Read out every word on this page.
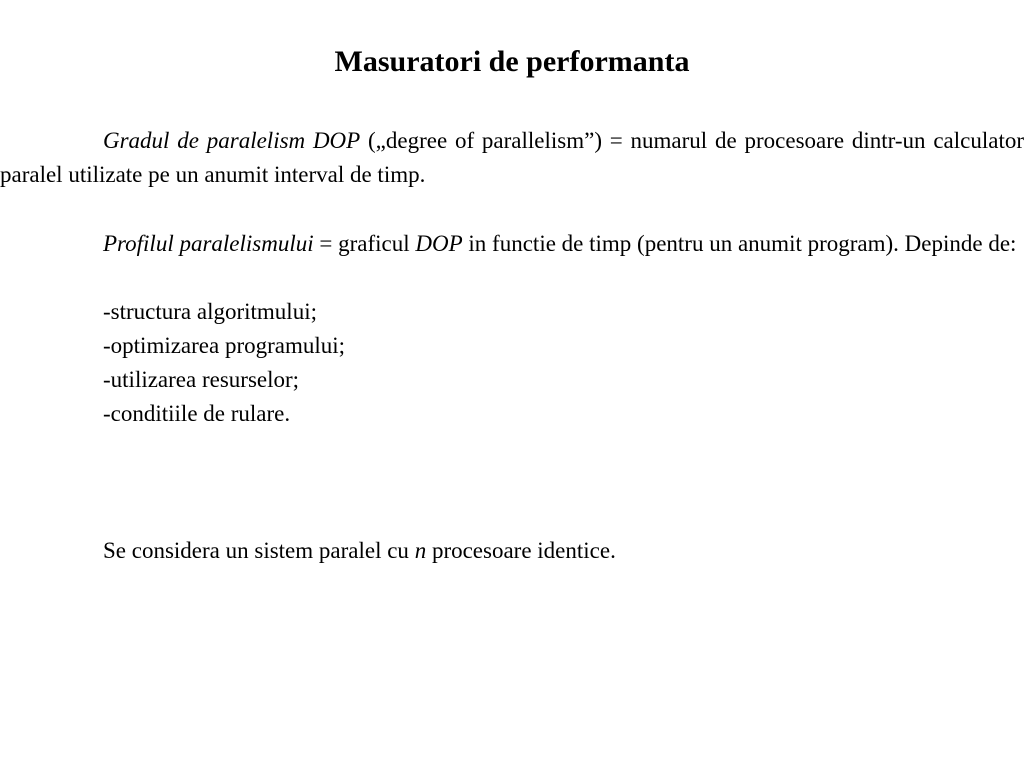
Masuratori de performanta

Gradul de paralelism DOP („degree of parallelism”) = numarul de procesoare dintr-un calculator paralel utilizate pe un anumit interval de timp.

Profilul paralelismului = graficul DOP in functie de timp (pentru un anumit program). Depinde de:

-structura algoritmului;
-optimizarea programului;
-utilizarea resurselor;
-conditiile de rulare.

Se considera un sistem paralel cu n procesoare identice.
